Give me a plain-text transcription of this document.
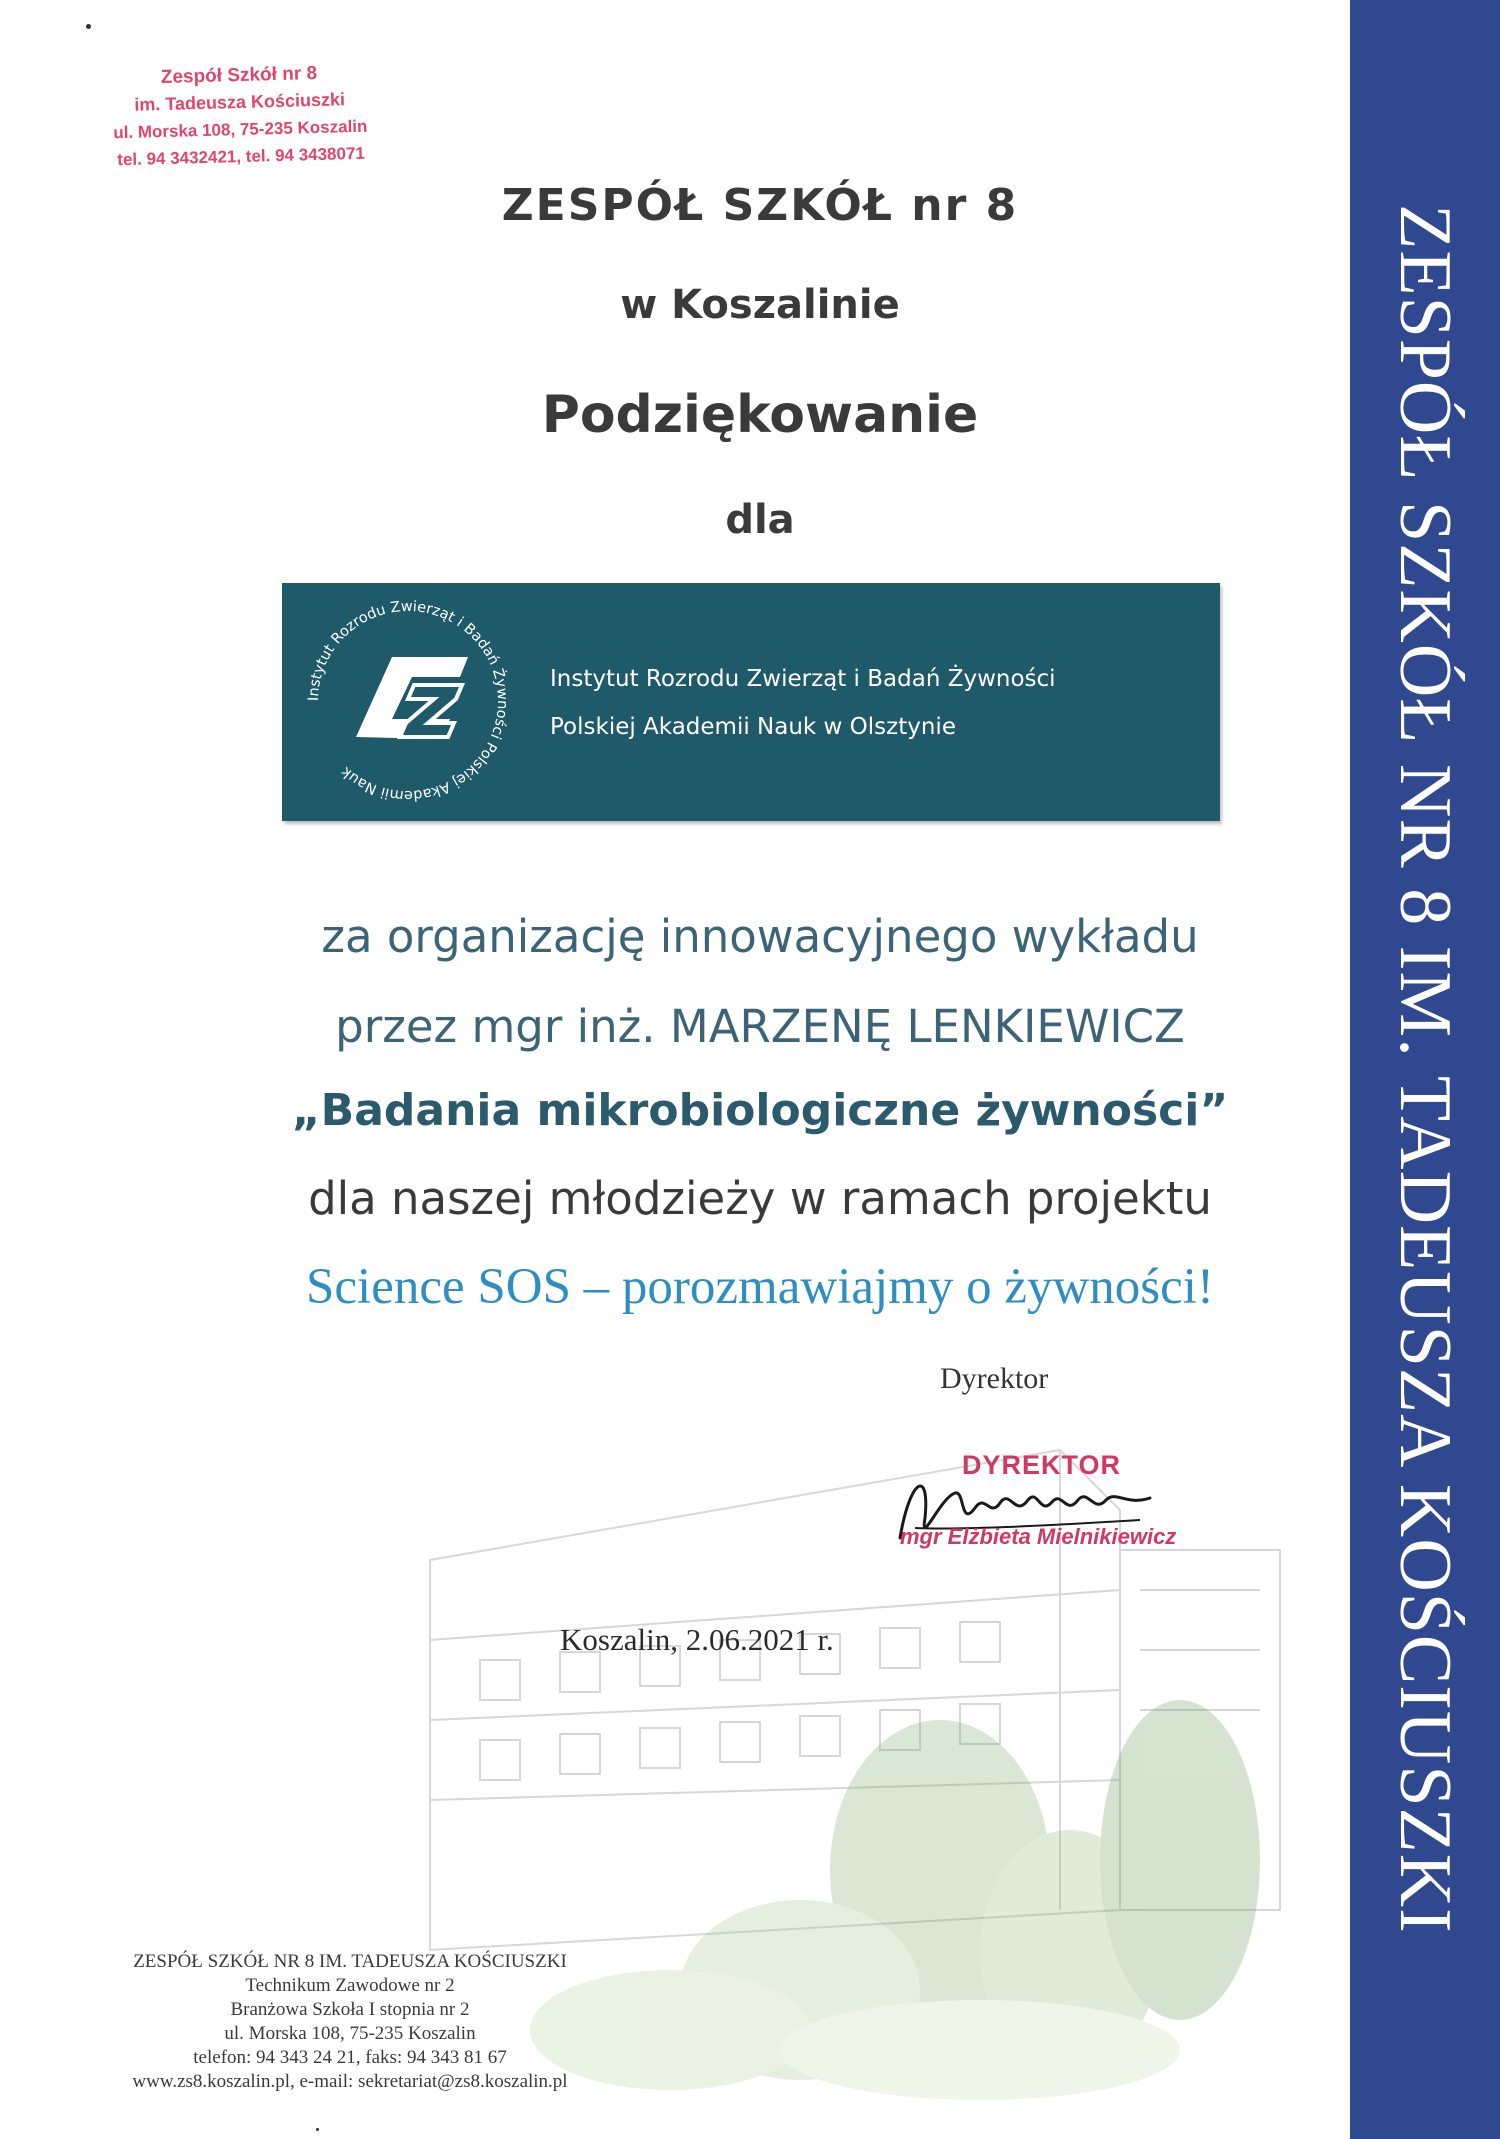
Zespół Szkół nr 8
im. Tadeusza Kościuszki
ul. Morska 108, 75-235 Koszalin
tel. 94 3432421, tel. 94 3438071
ZESPÓŁ SZKÓŁ nr 8
w Koszalinie
Podziękowanie
dla
Instytut Rozrodu Zwierząt i Badań Żywności Polskiej Akademii Nauk
Instytut Rozrodu Zwierząt i Badań Żywności
Polskiej Akademii Nauk w Olsztynie
za organizację innowacyjnego wykładu
przez mgr inż. MARZENĘ LENKIEWICZ
„Badania mikrobiologiczne żywności”
dla naszej młodzieży w ramach projektu
Science SOS – porozmawiajmy o żywności!
Dyrektor
DYREKTOR
mgr Elżbieta Mielnikiewicz
Koszalin, 2.06.2021 r.
ZESPÓŁ SZKÓŁ NR 8 IM. TADEUSZA KOŚCIUSZKI
Technikum Zawodowe nr 2
Branżowa Szkoła I stopnia nr 2
ul. Morska 108, 75-235 Koszalin
telefon: 94 343 24 21, faks: 94 343 81 67
www.zs8.koszalin.pl, e-mail: sekretariat@zs8.koszalin.pl
ZESPÓŁ SZKÓŁ NR 8 IM. TADEUSZA KOŚCIUSZKI
